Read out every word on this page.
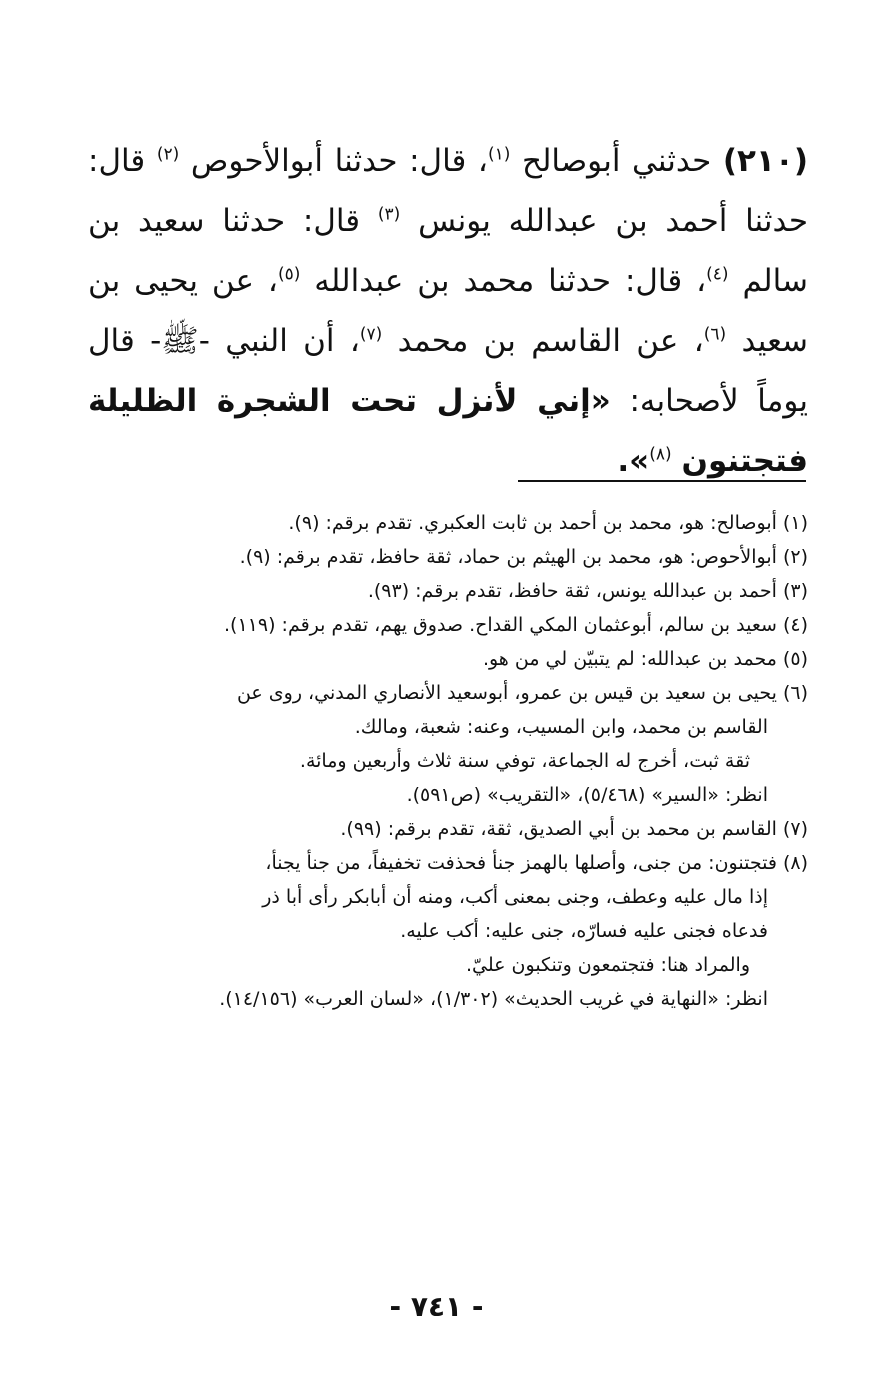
(٢١٠) حدثني أبوصالح $^{(١)}$، قال: حدثنا أبوالأحوص $^{(٢)}$ قال: حدثنا أحمد بن عبدالله يونس $^{(٣)}$ قال: حدثنا سعيد بن سالم $^{(٤)}$، قال: حدثنا محمد بن عبدالله $^{(٥)}$، عن يحيى بن سعيد $^{(٦)}$، عن القاسم بن محمد $^{(٧)}$، أن النبي -ﷺ- قال يوماً لأصحابه: «إني لأنزل تحت الشجرة الظليلة فتجتنون $^{(٨)}$».

(١) أبوصالح: هو، محمد بن أحمد بن ثابت العكبري. تقدم برقم: (٩).

(٢) أبوالأحوص: هو، محمد بن الهيثم بن حماد، ثقة حافظ، تقدم برقم: (٩).

(٣) أحمد بن عبدالله يونس، ثقة حافظ، تقدم برقم: (٩٣).

(٤) سعيد بن سالم، أبوعثمان المكي القداح. صدوق يهم، تقدم برقم: (١١٩).

(٥) محمد بن عبدالله: لم يتبيّن لي من هو.

(٦) يحيى بن سعيد بن قيس بن عمرو، أبوسعيد الأنصاري المدني، روى عن

القاسم بن محمد، وابن المسيب، وعنه: شعبة، ومالك.

ثقة ثبت، أخرج له الجماعة، توفي سنة ثلاث وأربعين ومائة.

انظر: «السير» (٥/٤٦٨)، «التقريب» (ص٥٩١).

(٧) القاسم بن محمد بن أبي الصديق، ثقة، تقدم برقم: (٩٩).

(٨) فتجتنون: من جنى، وأصلها بالهمز جنأ فحذفت تخفيفاً، من جنأ يجنأ،

إذا مال عليه وعطف، وجنى بمعنى أكب، ومنه أن أبابكر رأى أبا ذر

فدعاه فجنى عليه فسارّه، جنى عليه: أكب عليه.

والمراد هنا: فتجتمعون وتنكبون عليّ.

انظر: «النهاية في غريب الحديث» (١/٣٠٢)، «لسان العرب» (١٤/١٥٦).

- ٧٤١ -
